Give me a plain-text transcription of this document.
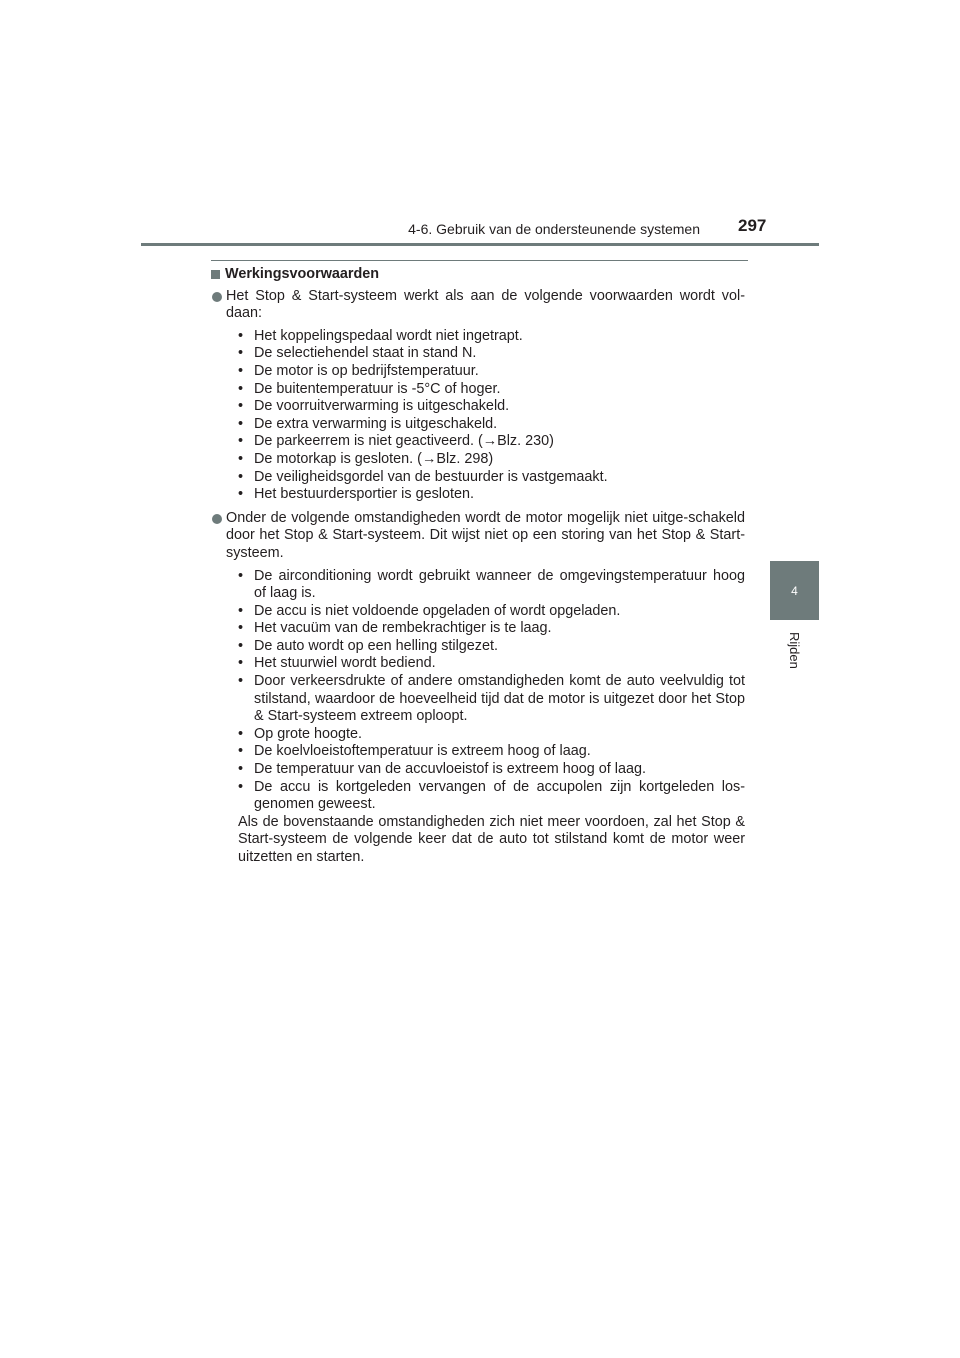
4-6. Gebruik van de ondersteunende systemen 297
4
Rijden
Werkingsvoorwaarden
Het Stop & Start-systeem werkt als aan de volgende voorwaarden wordt vol-daan:
• Het koppelingspedaal wordt niet ingetrapt.
• De selectiehendel staat in stand N.
• De motor is op bedrijfstemperatuur.
• De buitentemperatuur is -5°C of hoger.
• De voorruitverwarming is uitgeschakeld.
• De extra verwarming is uitgeschakeld.
• De parkeerrem is niet geactiveerd. (→Blz. 230)
• De motorkap is gesloten. (→Blz. 298)
• De veiligheidsgordel van de bestuurder is vastgemaakt.
• Het bestuurdersportier is gesloten.
Onder de volgende omstandigheden wordt de motor mogelijk niet uitge-schakeld door het Stop & Start-systeem. Dit wijst niet op een storing van het Stop & Start-systeem.
• De airconditioning wordt gebruikt wanneer de omgevingstemperatuur hoog of laag is.
• De accu is niet voldoende opgeladen of wordt opgeladen.
• Het vacuüm van de rembekrachtiger is te laag.
• De auto wordt op een helling stilgezet.
• Het stuurwiel wordt bediend.
• Door verkeersdrukte of andere omstandigheden komt de auto veelvuldig tot stilstand, waardoor de hoeveelheid tijd dat de motor is uitgezet door het Stop & Start-systeem extreem oploopt.
• Op grote hoogte.
• De koelvloeistoftemperatuur is extreem hoog of laag.
• De temperatuur van de accuvloeistof is extreem hoog of laag.
• De accu is kortgeleden vervangen of de accupolen zijn kortgeleden los-genomen geweest.

Als de bovenstaande omstandigheden zich niet meer voordoen, zal het Stop & Start-systeem de volgende keer dat de auto tot stilstand komt de motor weer uitzetten en starten.
